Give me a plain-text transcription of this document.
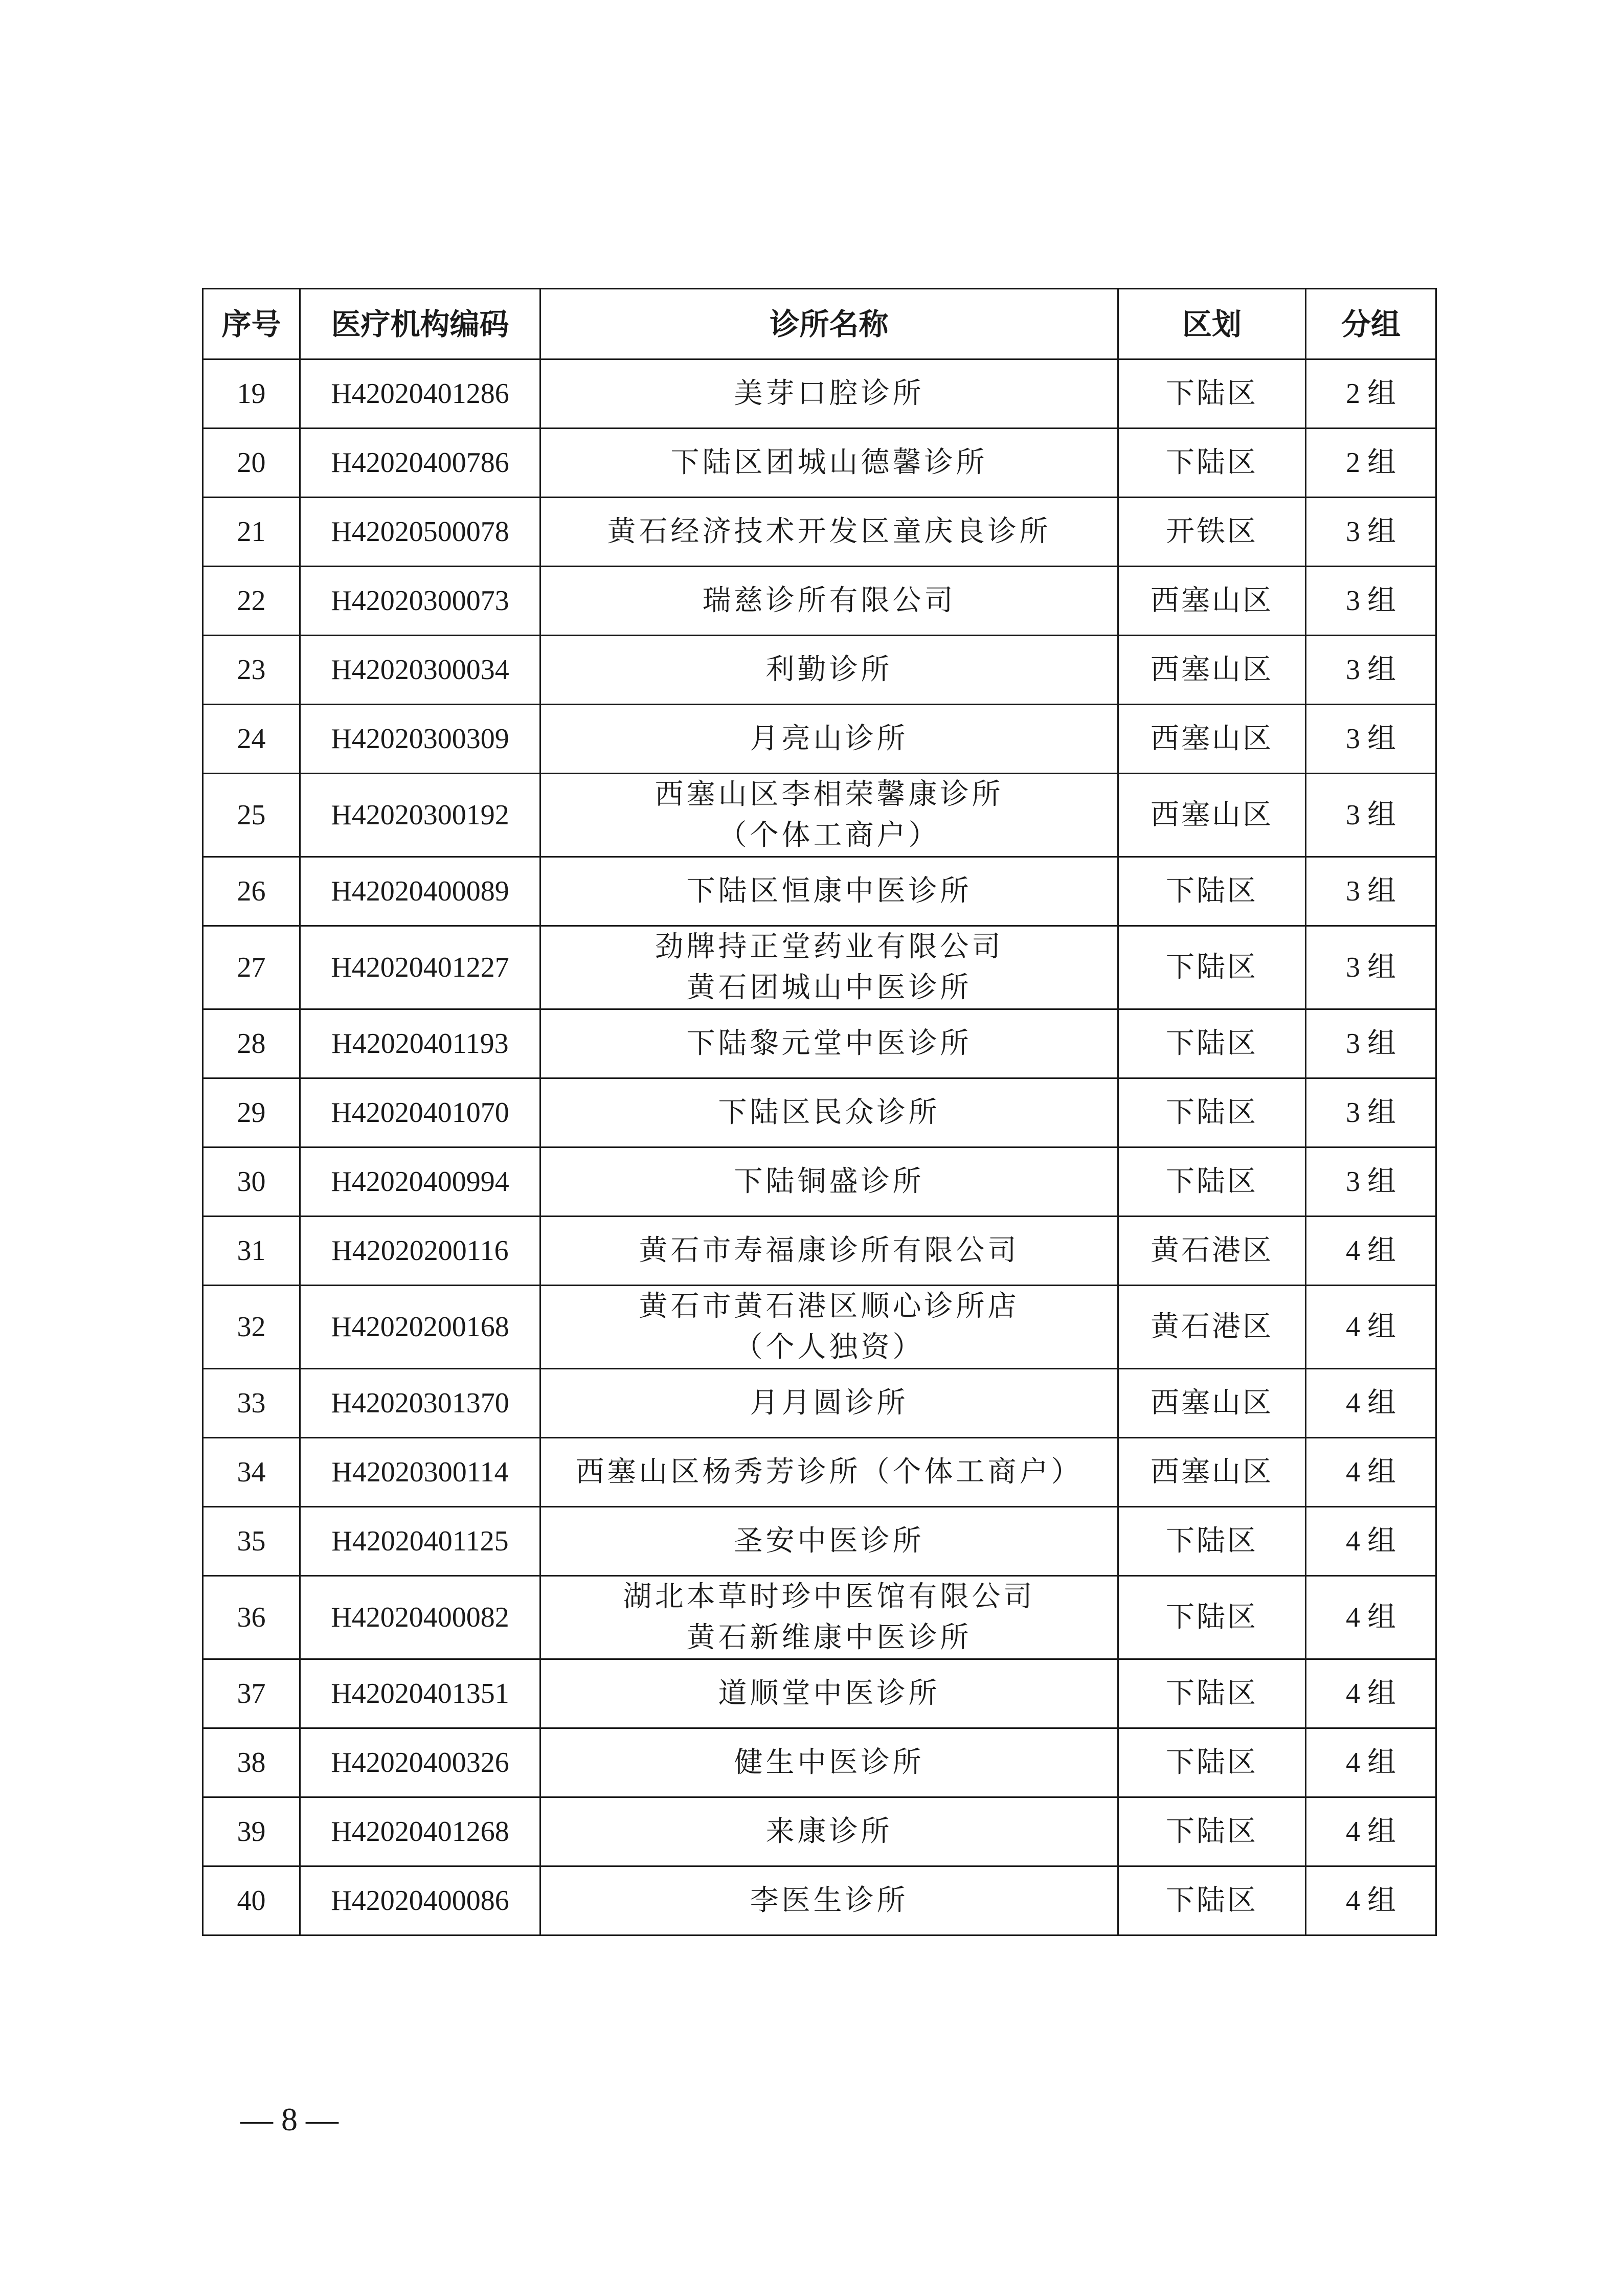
序号	医疗机构编码	诊所名称	区划	分组
19	H42020401286	美芽口腔诊所	下陆区	2 组
20	H42020400786	下陆区团城山德馨诊所	下陆区	2 组
21	H42020500078	黄石经济技术开发区童庆良诊所	开铁区	3 组
22	H42020300073	瑞慈诊所有限公司	西塞山区	3 组
23	H42020300034	利勤诊所	西塞山区	3 组
24	H42020300309	月亮山诊所	西塞山区	3 组
25	H42020300192	西塞山区李相荣馨康诊所
（个体工商户）	西塞山区	3 组
26	H42020400089	下陆区恒康中医诊所	下陆区	3 组
27	H42020401227	劲牌持正堂药业有限公司
黄石团城山中医诊所	下陆区	3 组
28	H42020401193	下陆黎元堂中医诊所	下陆区	3 组
29	H42020401070	下陆区民众诊所	下陆区	3 组
30	H42020400994	下陆铜盛诊所	下陆区	3 组
31	H42020200116	黄石市寿福康诊所有限公司	黄石港区	4 组
32	H42020200168	黄石市黄石港区顺心诊所店
（个人独资）	黄石港区	4 组
33	H42020301370	月月圆诊所	西塞山区	4 组
34	H42020300114	西塞山区杨秀芳诊所（个体工商户）	西塞山区	4 组
35	H42020401125	圣安中医诊所	下陆区	4 组
36	H42020400082	湖北本草时珍中医馆有限公司
黄石新维康中医诊所	下陆区	4 组
37	H42020401351	道顺堂中医诊所	下陆区	4 组
38	H42020400326	健生中医诊所	下陆区	4 组
39	H42020401268	来康诊所	下陆区	4 组
40	H42020400086	李医生诊所	下陆区	4 组
— 8 —
